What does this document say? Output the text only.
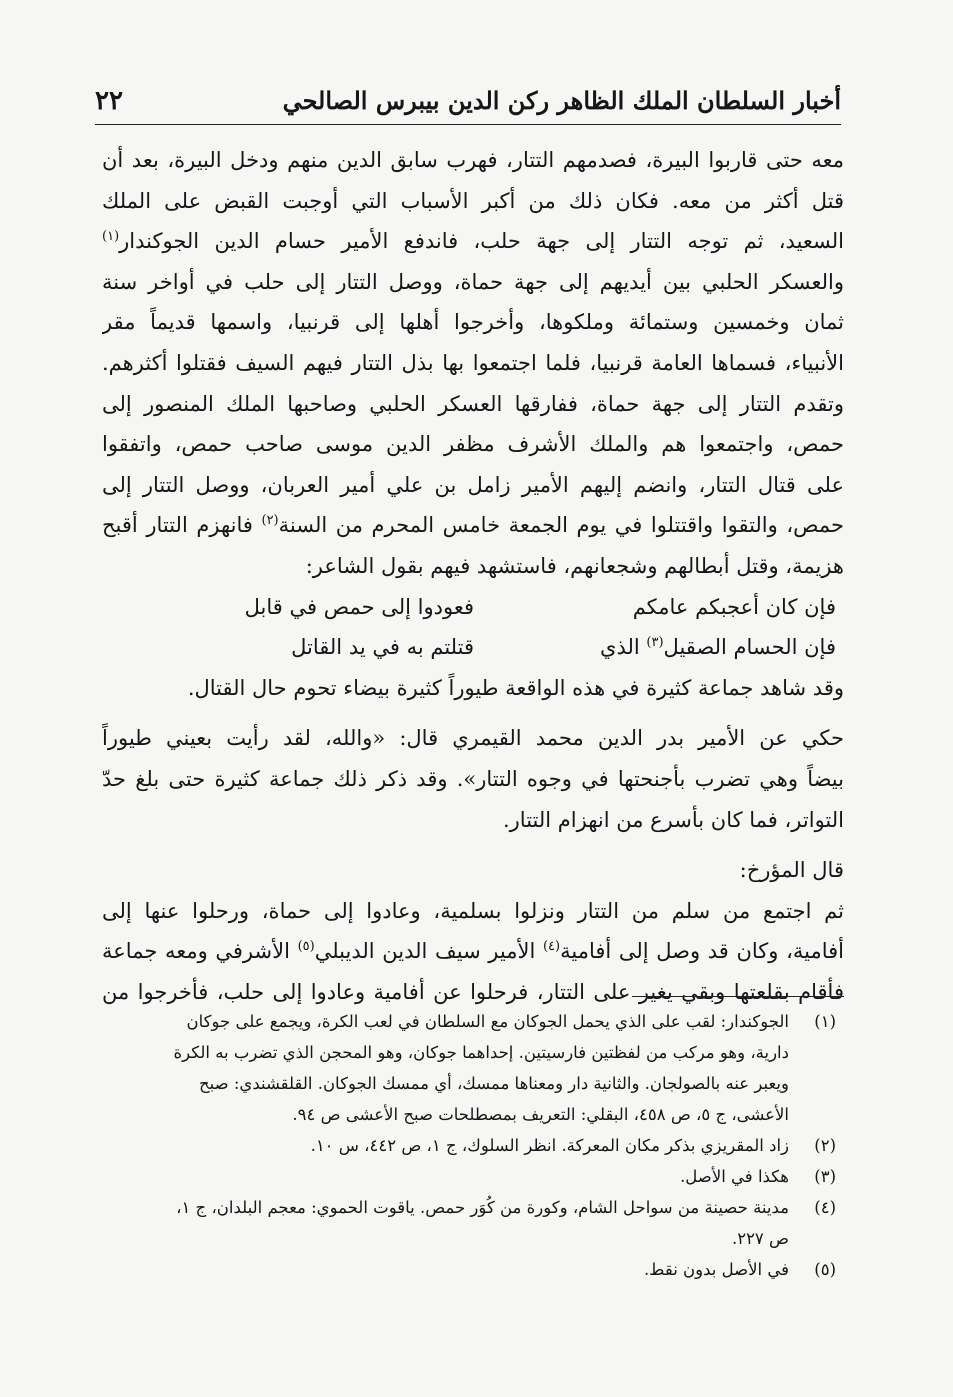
٢٢	أخبار السلطان الملك الظاهر ركن الدين بيبرس الصالحي
معه حتى قاربوا البيرة، فصدمهم التتار، فهرب سابق الدين منهم ودخل البيرة، بعد أن
قتل أكثر من معه. فكان ذلك من أكبر الأسباب التي أوجبت القبض على الملك
السعيد، ثم توجه التتار إلى جهة حلب، فاندفع الأمير حسام الدين الجوكندار$^{(١)}$
والعسكر الحلبي بين أيديهم إلى جهة حماة، ووصل التتار إلى حلب في أواخر سنة
ثمان وخمسين وستمائة وملكوها، وأخرجوا أهلها إلى قرنبيا، واسمها قديماً مقر
الأنبياء، فسماها العامة قرنبيا، فلما اجتمعوا بها بذل التتار فيهم السيف فقتلوا أكثرهم.
وتقدم التتار إلى جهة حماة، ففارقها العسكر الحلبي وصاحبها الملك المنصور إلى
حمص، واجتمعوا هم والملك الأشرف مظفر الدين موسى صاحب حمص، واتفقوا
على قتال التتار، وانضم إليهم الأمير زامل بن علي أمير العربان، ووصل التتار إلى
حمص، والتقوا واقتتلوا في يوم الجمعة خامس المحرم من السنة$^{(٢)}$ فانهزم التتار أقبح
هزيمة، وقتل أبطالهم وشجعانهم، فاستشهد فيهم بقول الشاعر:
فإن كان أعجبكم عامكم
فعودوا إلى حمص في قابل
فإن الحسام الصقيل$^{(٣)}$ الذي
قتلتم به في يد القاتل
وقد شاهد جماعة كثيرة في هذه الواقعة طيوراً كثيرة بيضاء تحوم حال القتال.
حكي عن الأمير بدر الدين محمد القيمري قال: «والله، لقد رأيت بعيني طيوراً
بيضاً وهي تضرب بأجنحتها في وجوه التتار». وقد ذكر ذلك جماعة كثيرة حتى بلغ حدّ
التواتر، فما كان بأسرع من انهزام التتار.
قال المؤرخ:
ثم اجتمع من سلم من التتار ونزلوا بسلمية، وعادوا إلى حماة، ورحلوا عنها إلى
أفامية، وكان قد وصل إلى أفامية$^{(٤)}$ الأمير سيف الدين الديبلي$^{(٥)}$ الأشرفي ومعه جماعة
فأقام بقلعتها وبقي يغير على التتار، فرحلوا عن أفامية وعادوا إلى حلب، فأخرجوا من
(١)
الجوكندار: لقب على الذي يحمل الجوكان مع السلطان في لعب الكرة، ويجمع على جوكان
دارية، وهو مركب من لفظتين فارسيتين. إحداهما جوكان، وهو المحجن الذي تضرب به الكرة
ويعبر عنه بالصولجان. والثانية دار ومعناها ممسك، أي ممسك الجوكان. القلقشندي: صبح
الأعشى، ج ٥، ص ٤٥٨، البقلي: التعريف بمصطلحات صبح الأعشى ص ٩٤.
(٢)
زاد المقريزي بذكر مكان المعركة. انظر السلوك، ج ١، ص ٤٤٢، س ١٠.
(٣)
هكذا في الأصل.
(٤)
مدينة حصينة من سواحل الشام، وكورة من كُوَر حمص. ياقوت الحموي: معجم البلدان، ج ١،
ص ٢٢٧.
(٥)
في الأصل بدون نقط.
